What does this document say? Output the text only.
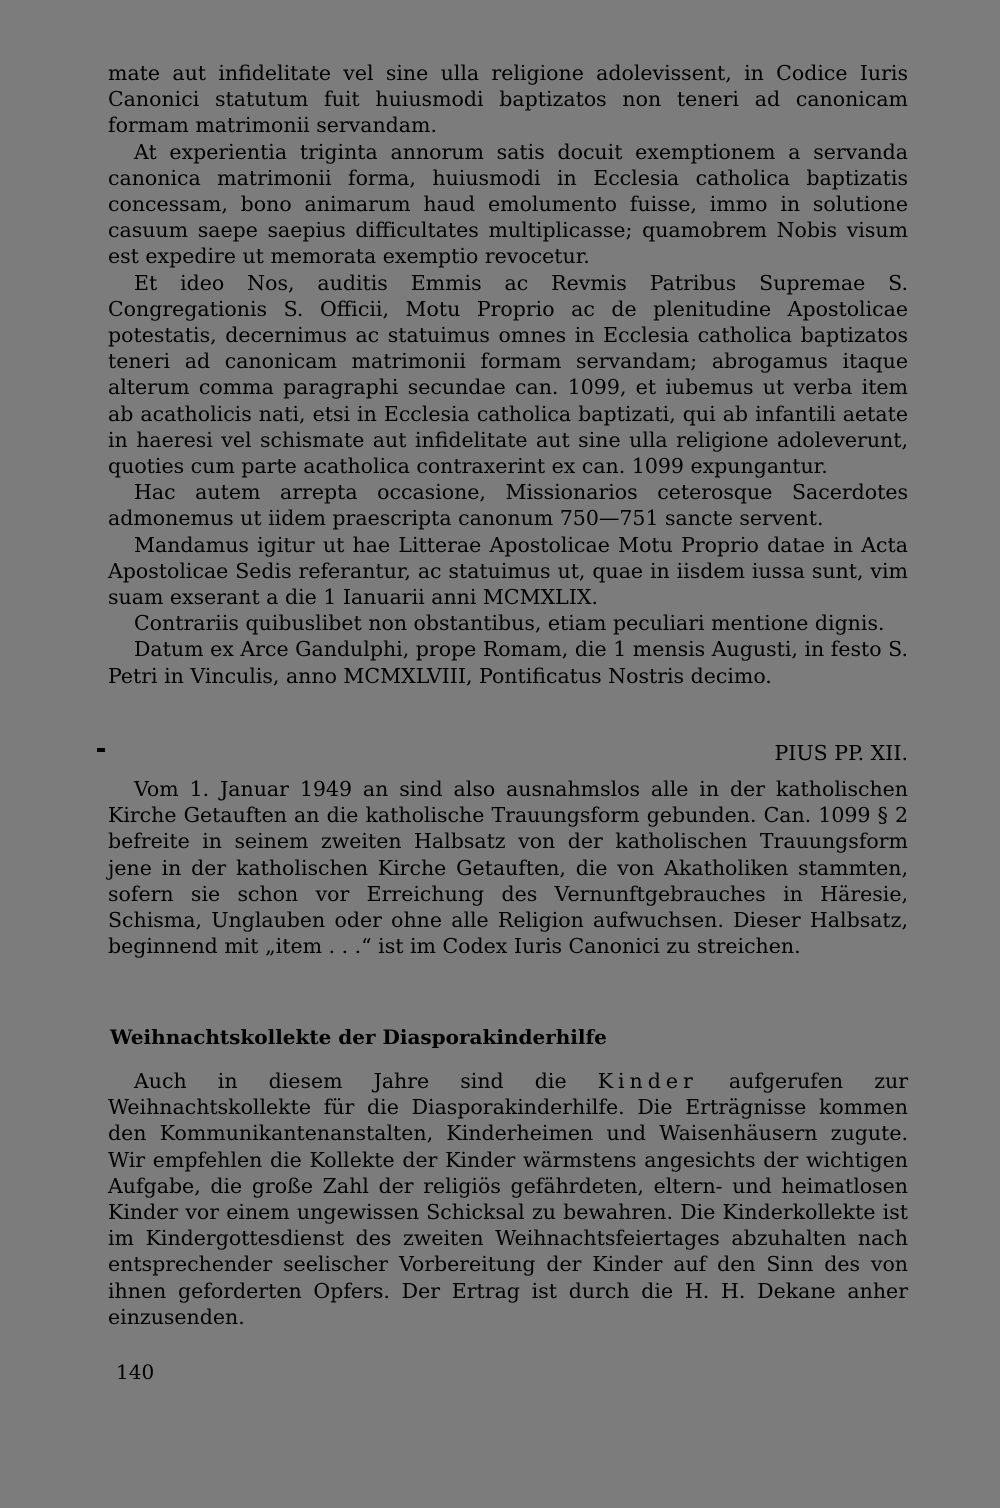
mate aut infidelitate vel sine ulla religione adolevissent, in Codice Iuris Canonici statutum fuit huiusmodi baptizatos non teneri ad canonicam formam matrimonii servandam.

At experientia triginta annorum satis docuit exemptionem a servanda canonica matrimonii forma, huiusmodi in Ecclesia catholica baptizatis concessam, bono animarum haud emolumento fuisse, immo in solutione casuum saepe saepius difficultates multiplicasse; quamobrem Nobis visum est expedire ut memorata exemptio revocetur.

Et ideo Nos, auditis Emmis ac Revmis Patribus Supremae S. Congregationis S. Officii, Motu Proprio ac de plenitudine Apostolicae potestatis, decernimus ac statuimus omnes in Ecclesia catholica baptizatos teneri ad canonicam matrimonii formam servandam; abrogamus itaque alterum comma paragraphi secundae can. 1099, et iubemus ut verba item ab acatholicis nati, etsi in Ecclesia catholica baptizati, qui ab infantili aetate in haeresi vel schismate aut infidelitate aut sine ulla religione adoleverunt, quoties cum parte acatholica contraxerint ex can. 1099 expungantur.

Hac autem arrepta occasione, Missionarios ceterosque Sacerdotes admonemus ut iidem praescripta canonum 750—751 sancte servent.

Mandamus igitur ut hae Litterae Apostolicae Motu Proprio datae in Acta Apostolicae Sedis referantur, ac statuimus ut, quae in iisdem iussa sunt, vim suam exserant a die 1 Ianuarii anni MCMXLIX.

Contrariis quibuslibet non obstantibus, etiam peculiari mentione dignis.

Datum ex Arce Gandulphi, prope Romam, die 1 mensis Augusti, in festo S. Petri in Vinculis, anno MCMXLVIII, Pontificatus Nostris decimo.

PIUS PP. XII.

Vom 1. Januar 1949 an sind also ausnahmslos alle in der katholischen Kirche Getauften an die katholische Trauungsform gebunden. Can. 1099 § 2 befreite in seinem zweiten Halbsatz von der katholischen Trauungsform jene in der katholischen Kirche Getauften, die von Akatholiken stammten, sofern sie schon vor Erreichung des Vernunftgebrauches in Häresie, Schisma, Unglauben oder ohne alle Religion aufwuchsen. Dieser Halbsatz, beginnend mit „item . . .“ ist im Codex Iuris Canonici zu streichen.

Weihnachtskollekte der Diasporakinderhilfe

Auch in diesem Jahre sind die Kinder aufgerufen zur Weihnachtskollekte für die Diasporakinderhilfe. Die Erträgnisse kommen den Kommunikantenanstalten, Kinderheimen und Waisenhäusern zugute. Wir empfehlen die Kollekte der Kinder wärmstens angesichts der wichtigen Aufgabe, die große Zahl der religiös gefährdeten, eltern- und heimatlosen Kinder vor einem ungewissen Schicksal zu bewahren. Die Kinderkollekte ist im Kindergottesdienst des zweiten Weihnachtsfeiertages abzuhalten nach entsprechender seelischer Vorbereitung der Kinder auf den Sinn des von ihnen geforderten Opfers. Der Ertrag ist durch die H. H. Dekane anher einzusenden.

140
